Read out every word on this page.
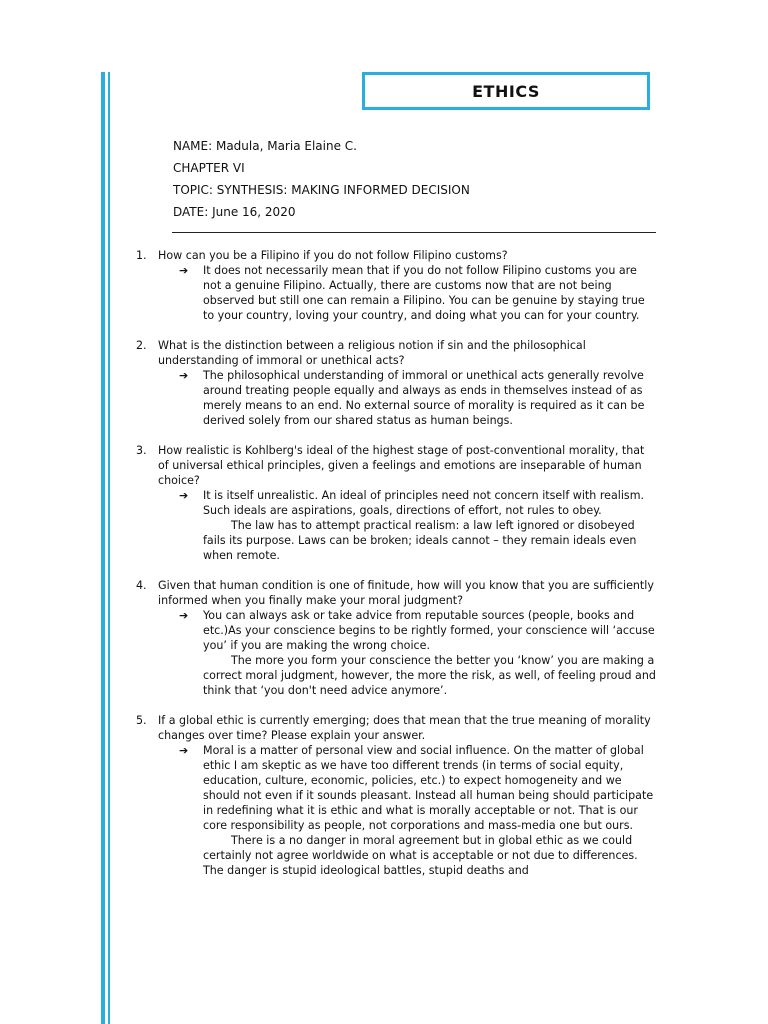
ETHICS
NAME: Madula, Maria Elaine C.
CHAPTER VI
TOPIC: SYNTHESIS: MAKING INFORMED DECISION
DATE: June 16, 2020
1.	How can you be a Filipino if you do not follow Filipino customs?
➔	It does not necessarily mean that if you do not follow Filipino customs you are not a genuine Filipino. Actually, there are customs now that are not being observed but still one can remain a Filipino. You can be genuine by staying true to your country, loving your country, and doing what you can for your country.
2.	What is the distinction between a religious notion if sin and the philosophical understanding of immoral or unethical acts?
➔	The philosophical understanding of immoral or unethical acts generally revolve around treating people equally and always as ends in themselves instead of as merely means to an end. No external source of morality is required as it can be derived solely from our shared status as human beings.
3.	How realistic is Kohlberg's ideal of the highest stage of post-conventional morality, that of universal ethical principles, given a feelings and emotions are inseparable of human choice?
➔	It is itself unrealistic. An ideal of principles need not concern itself with realism. Such ideals are aspirations, goals, directions of effort, not rules to obey.
The law has to attempt practical realism: a law left ignored or disobeyed fails its purpose. Laws can be broken; ideals cannot – they remain ideals even when remote.
4.	Given that human condition is one of finitude, how will you know that you are sufficiently informed when you finally make your moral judgment?
➔	You can always ask or take advice from reputable sources (people, books and etc.)As your conscience begins to be rightly formed, your conscience will ‘accuse you’ if you are making the wrong choice.
The more you form your conscience the better you ‘know’ you are making a correct moral judgment, however, the more the risk, as well, of feeling proud and think that ‘you don't need advice anymore’.
5.	If a global ethic is currently emerging; does that mean that the true meaning of morality changes over time? Please explain your answer.
➔	Moral is a matter of personal view and social influence. On the matter of global ethic I am skeptic as we have too different trends (in terms of social equity, education, culture, economic, policies, etc.) to expect homogeneity and we should not even if it sounds pleasant. Instead all human being should participate in redefining what it is ethic and what is morally acceptable or not. That is our core responsibility as people, not corporations and mass-media one but ours.
There is a no danger in moral agreement but in global ethic as we could certainly not agree worldwide on what is acceptable or not due to differences. The danger is stupid ideological battles, stupid deaths and
